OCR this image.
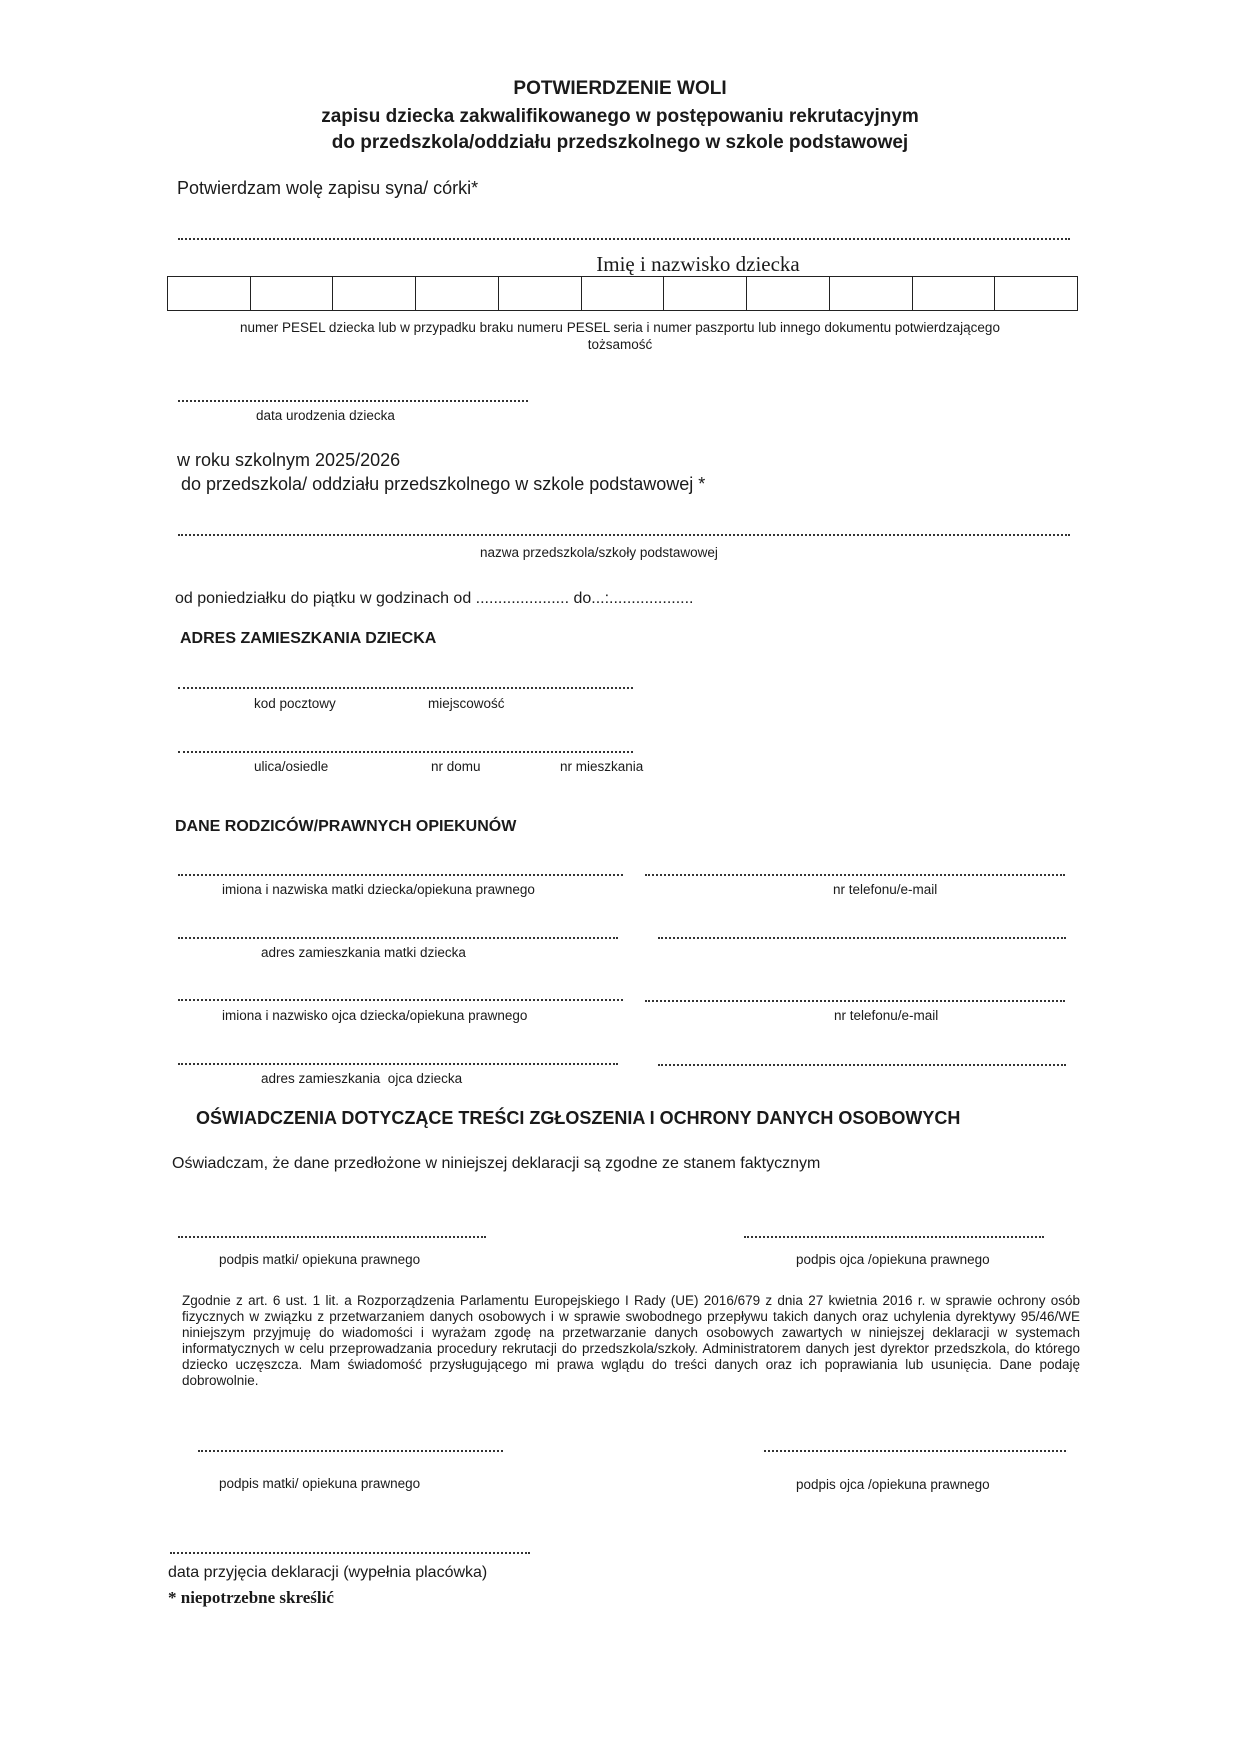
POTWIERDZENIE WOLI
zapisu dziecka zakwalifikowanego w postępowaniu rekrutacyjnym
do przedszkola/oddziału przedszkolnego w szkole podstawowej
Potwierdzam wolę zapisu syna/ córki*
Imię i nazwisko dziecka
numer PESEL dziecka lub w przypadku braku numeru PESEL seria i numer paszportu lub innego dokumentu potwierdzającego
tożsamość
data urodzenia dziecka
w roku szkolnym 2025/2026
do przedszkola/ oddziału przedszkolnego w szkole podstawowej *
nazwa przedszkola/szkoły podstawowej
od poniedziałku do piątku w godzinach od ..................... do...:...................
ADRES ZAMIESZKANIA DZIECKA
kod pocztowy	miejscowość
ulica/osiedle	nr domu	nr mieszkania
DANE RODZICÓW/PRAWNYCH OPIEKUNÓW
imiona i nazwiska matki dziecka/opiekuna prawnego	nr telefonu/e-mail
adres zamieszkania matki dziecka
imiona i nazwisko ojca dziecka/opiekuna prawnego	nr telefonu/e-mail
adres zamieszkania  ojca dziecka
OŚWIADCZENIA DOTYCZĄCE TREŚCI ZGŁOSZENIA I OCHRONY DANYCH OSOBOWYCH
Oświadczam, że dane przedłożone w niniejszej deklaracji są zgodne ze stanem faktycznym
podpis matki/ opiekuna prawnego	podpis ojca /opiekuna prawnego
Zgodnie z art. 6 ust. 1 lit. a Rozporządzenia Parlamentu Europejskiego I Rady (UE) 2016/679 z dnia 27 kwietnia 2016 r. w sprawie ochrony osób fizycznych w związku z przetwarzaniem danych osobowych i w sprawie swobodnego przepływu takich danych oraz uchylenia dyrektywy 95/46/WE niniejszym przyjmuję do wiadomości i wyrażam zgodę na przetwarzanie danych osobowych zawartych w niniejszej deklaracji w systemach informatycznych w celu przeprowadzania procedury rekrutacji do przedszkola/szkoły. Administratorem danych jest dyrektor przedszkola, do którego dziecko uczęszcza. Mam świadomość przysługującego mi prawa wglądu do treści danych oraz ich poprawiania lub usunięcia. Dane podaję dobrowolnie.
podpis matki/ opiekuna prawnego	podpis ojca /opiekuna prawnego
data przyjęcia deklaracji (wypełnia placówka)
* niepotrzebne skreślić
